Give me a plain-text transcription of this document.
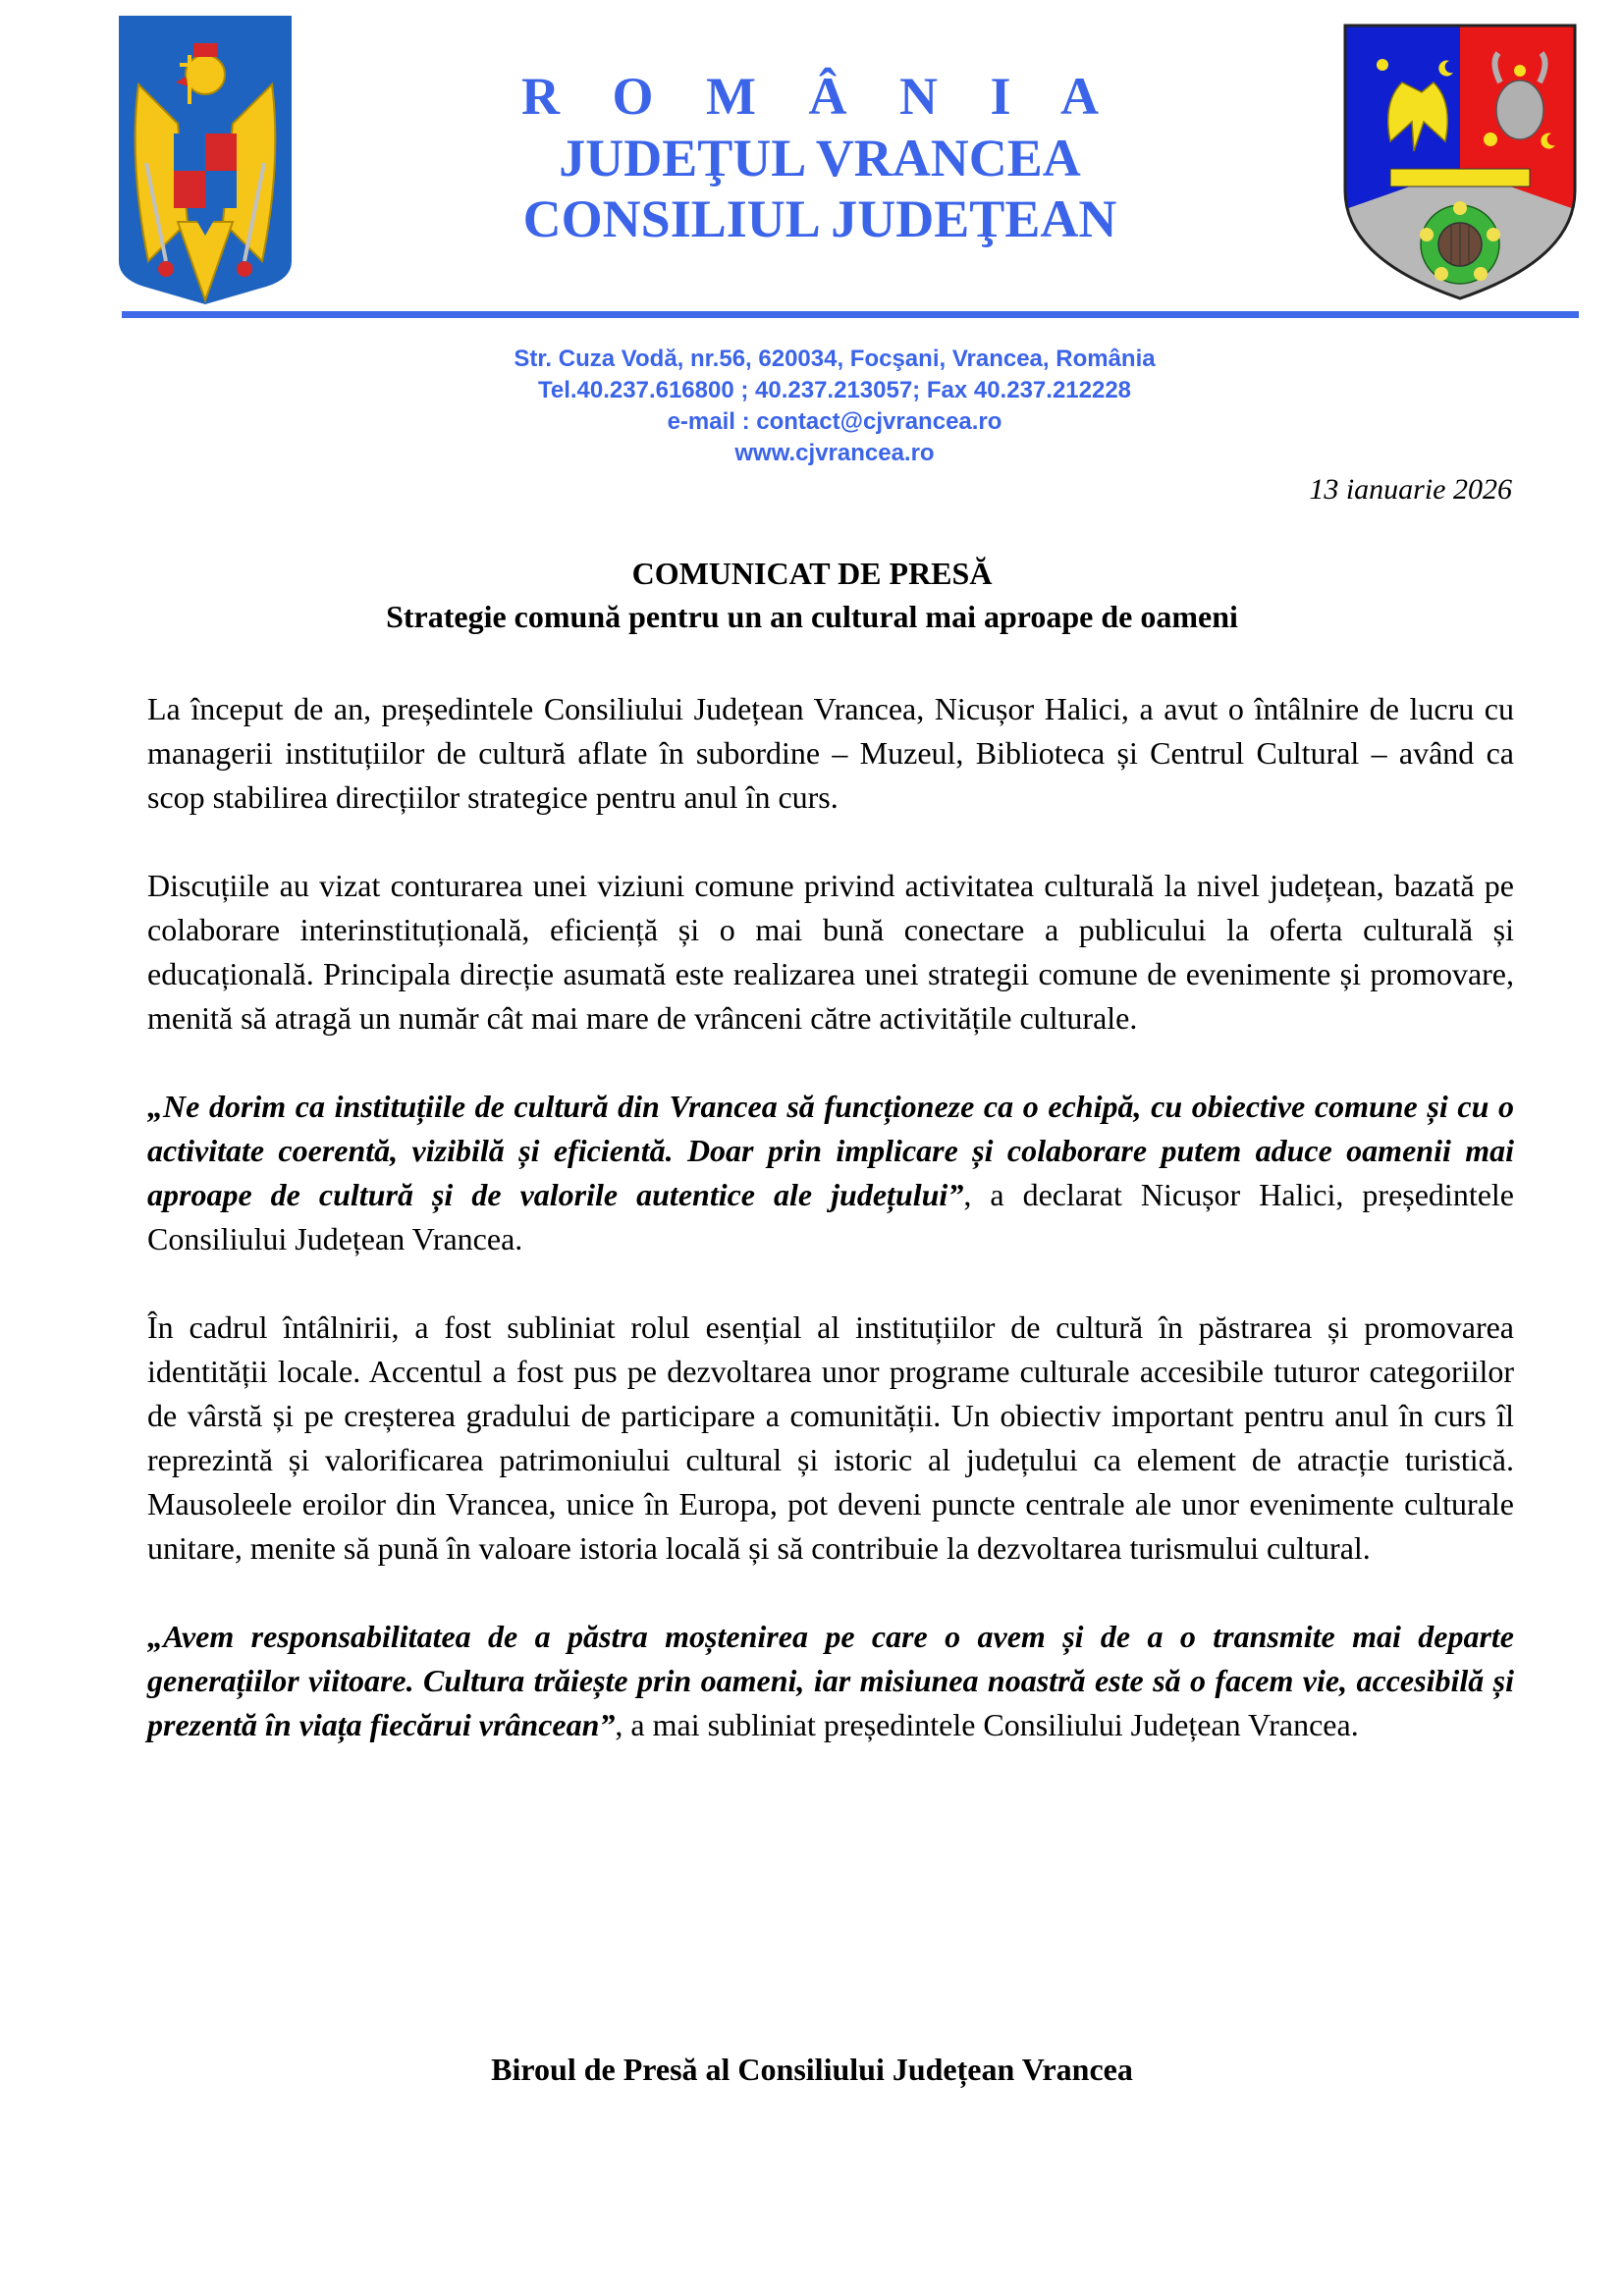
R O M Â N I A
JUDEŢUL VRANCEA
CONSILIUL JUDEŢEAN
Str. Cuza Vodă, nr.56, 620034, Focşani, Vrancea, România
Tel.40.237.616800 ; 40.237.213057; Fax 40.237.212228
e-mail : contact@cjvrancea.ro
www.cjvrancea.ro
13 ianuarie 2026
COMUNICAT DE PRESĂ
Strategie comună pentru un an cultural mai aproape de oameni

La început de an, președintele Consiliului Județean Vrancea, Nicușor Halici, a avut o întâlnire de lucru cu managerii instituțiilor de cultură aflate în subordine – Muzeul, Biblioteca și Centrul Cultural – având ca scop stabilirea direcțiilor strategice pentru anul în curs.

Discuțiile au vizat conturarea unei viziuni comune privind activitatea culturală la nivel județean, bazată pe colaborare interinstituțională, eficiență și o mai bună conectare a publicului la oferta culturală și educațională. Principala direcție asumată este realizarea unei strategii comune de evenimente și promovare, menită să atragă un număr cât mai mare de vrânceni către activitățile culturale.

„Ne dorim ca instituțiile de cultură din Vrancea să funcționeze ca o echipă, cu obiective comune și cu o activitate coerentă, vizibilă și eficientă. Doar prin implicare și colaborare putem aduce oamenii mai aproape de cultură și de valorile autentice ale județului”, a declarat Nicușor Halici, președintele Consiliului Județean Vrancea.

În cadrul întâlnirii, a fost subliniat rolul esențial al instituțiilor de cultură în păstrarea și promovarea identității locale. Accentul a fost pus pe dezvoltarea unor programe culturale accesibile tuturor categoriilor de vârstă și pe creșterea gradului de participare a comunității. Un obiectiv important pentru anul în curs îl reprezintă și valorificarea patrimoniului cultural și istoric al județului ca element de atracție turistică. Mausoleele eroilor din Vrancea, unice în Europa, pot deveni puncte centrale ale unor evenimente culturale unitare, menite să pună în valoare istoria locală și să contribuie la dezvoltarea turismului cultural.

„Avem responsabilitatea de a păstra moștenirea pe care o avem și de a o transmite mai departe generațiilor viitoare. Cultura trăiește prin oameni, iar misiunea noastră este să o facem vie, accesibilă și prezentă în viața fiecărui vrâncean”, a mai subliniat președintele Consiliului Județean Vrancea.

Biroul de Presă al Consiliului Județean Vrancea
